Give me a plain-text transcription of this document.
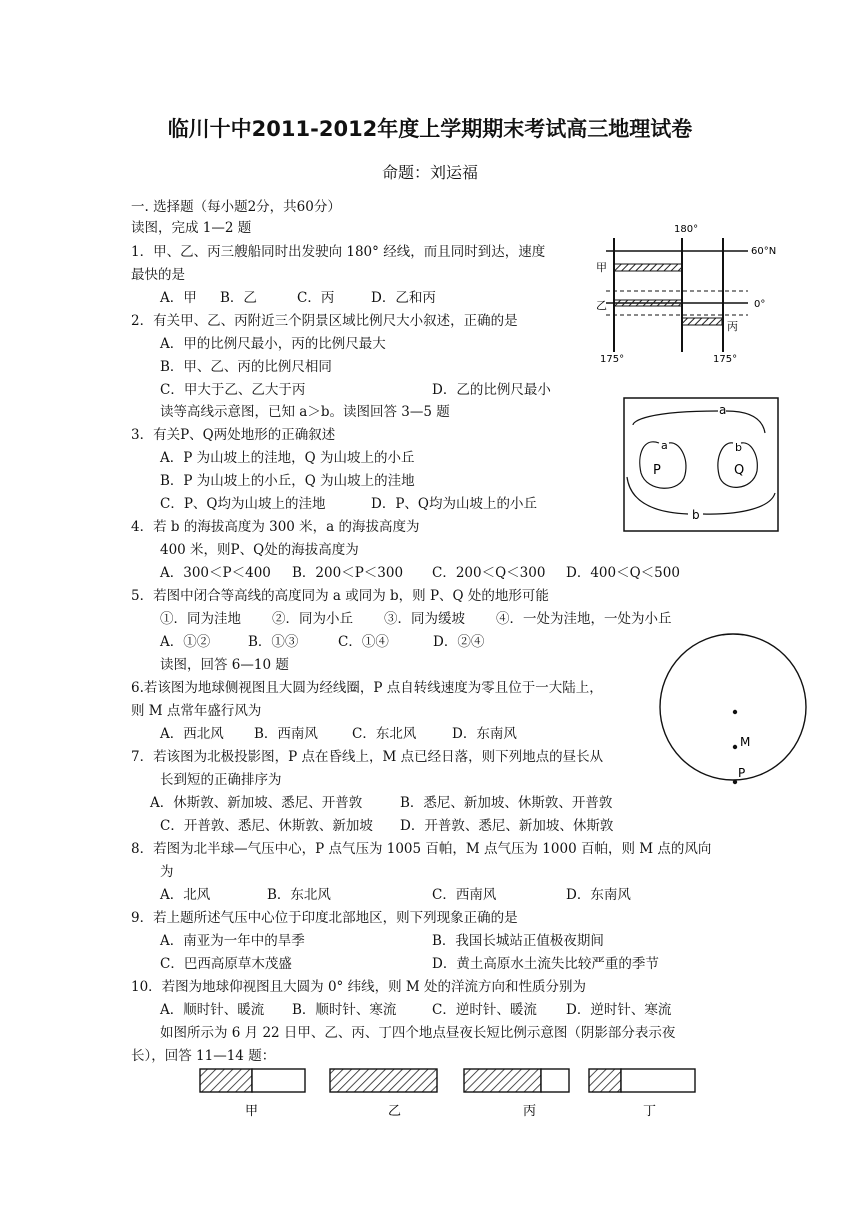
临川十中2011-2012年度上学期期末考试高三地理试卷
命题：刘运福
一. 选择题（每小题2分，共60分）
读图，完成 1—2 题
1．甲、乙、丙三艘船同时出发驶向 180° 经线，而且同时到达，速度
最快的是
A．甲 B．乙	C．丙	D．乙和丙
2．有关甲、乙、丙附近三个阴景区域比例尺大小叙述，正确的是
A．甲的比例尺最小，丙的比例尺最大
B．甲、乙、丙的比例尺相同
C．甲大于乙、乙大于丙	D．乙的比例尺最小
读等高线示意图，已知 a＞b。读图回答 3—5 题
3．有关P、Q两处地形的正确叙述
A．P 为山坡上的洼地，Q 为山坡上的小丘
B．P 为山坡上的小丘，Q 为山坡上的洼地
C．P、Q均为山坡上的洼地	D．P、Q均为山坡上的小丘
4．若 b 的海拔高度为 300 米，a 的海拔高度为
400 米，则P、Q处的海拔高度为
A．300＜P＜400 B．200＜P＜300 C．200＜Q＜300 D．400＜Q＜500
5．若图中闭合等高线的高度同为 a 或同为 b，则 P、Q 处的地形可能
①．同为洼地 ②．同为小丘 ③．同为缓坡 ④．一处为洼地，一处为小丘
A．①②	B．①③	C．①④	D．②④
读图，回答 6—10 题
6.若该图为地球侧视图且大圆为经线圈，P 点自转线速度为零且位于一大陆上，
则 M 点常年盛行风为
A．西北风 B．西南风	C．东北风	D．东南风
7．若该图为北极投影图，P 点在昏线上，M 点已经日落，则下列地点的昼长从
长到短的正确排序为
A．休斯敦、新加坡、悉尼、开普敦	B．悉尼、新加坡、休斯敦、开普敦
C．开普敦、悉尼、休斯敦、新加坡 D．开普敦、悉尼、新加坡、休斯敦
8．若图为北半球—气压中心，P 点气压为 1005 百帕，M 点气压为 1000 百帕，则 M 点的风向
为
A．北风	B．东北风	C．西南风	D．东南风
9．若上题所述气压中心位于印度北部地区，则下列现象正确的是
A．南亚为一年中的旱季	B．我国长城站正值极夜期间
C．巴西高原草木茂盛	D．黄土高原水土流失比较严重的季节
10．若图为地球仰视图且大圆为 0° 纬线，则 M 处的洋流方向和性质分别为
A．顺时针、暖流 B．顺时针、寒流	C．逆时针、暖流 D．逆时针、寒流
如图所示为 6 月 22 日甲、乙、丙、丁四个地点昼夜长短比例示意图（阴影部分表示夜
长），回答 11—14 题：
180°
60°N
0°
甲
乙
丙
175°	175°
a
b
a
P
b
Q
M
P
甲	乙	丙	丁
